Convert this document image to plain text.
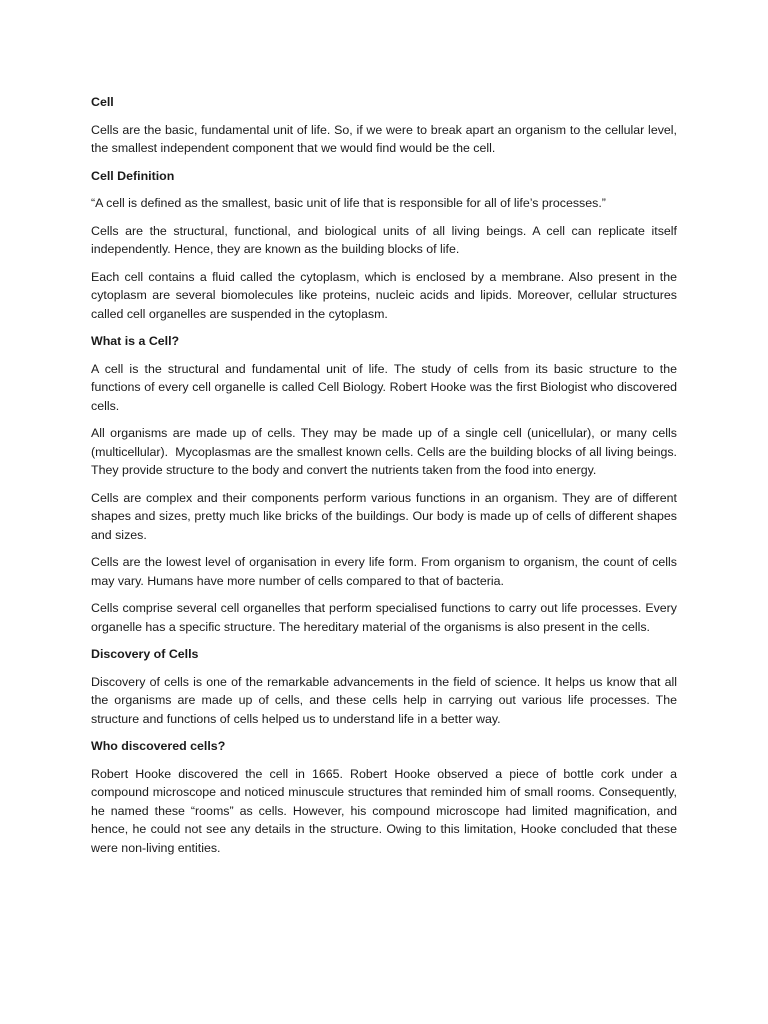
Cell
Cells are the basic, fundamental unit of life. So, if we were to break apart an organism to the cellular level, the smallest independent component that we would find would be the cell.
Cell Definition
“A cell is defined as the smallest, basic unit of life that is responsible for all of life’s processes.”
Cells are the structural, functional, and biological units of all living beings. A cell can replicate itself independently. Hence, they are known as the building blocks of life.
Each cell contains a fluid called the cytoplasm, which is enclosed by a membrane. Also present in the cytoplasm are several biomolecules like proteins, nucleic acids and lipids. Moreover, cellular structures called cell organelles are suspended in the cytoplasm.
What is a Cell?
A cell is the structural and fundamental unit of life. The study of cells from its basic structure to the functions of every cell organelle is called Cell Biology. Robert Hooke was the first Biologist who discovered cells.
All organisms are made up of cells. They may be made up of a single cell (unicellular), or many cells (multicellular).  Mycoplasmas are the smallest known cells. Cells are the building blocks of all living beings. They provide structure to the body and convert the nutrients taken from the food into energy.
Cells are complex and their components perform various functions in an organism. They are of different shapes and sizes, pretty much like bricks of the buildings. Our body is made up of cells of different shapes and sizes.
Cells are the lowest level of organisation in every life form. From organism to organism, the count of cells may vary. Humans have more number of cells compared to that of bacteria.
Cells comprise several cell organelles that perform specialised functions to carry out life processes. Every organelle has a specific structure. The hereditary material of the organisms is also present in the cells.
Discovery of Cells
Discovery of cells is one of the remarkable advancements in the field of science. It helps us know that all the organisms are made up of cells, and these cells help in carrying out various life processes. The structure and functions of cells helped us to understand life in a better way.
Who discovered cells?
Robert Hooke discovered the cell in 1665. Robert Hooke observed a piece of bottle cork under a compound microscope and noticed minuscule structures that reminded him of small rooms. Consequently, he named these “rooms” as cells. However, his compound microscope had limited magnification, and hence, he could not see any details in the structure. Owing to this limitation, Hooke concluded that these were non-living entities.
